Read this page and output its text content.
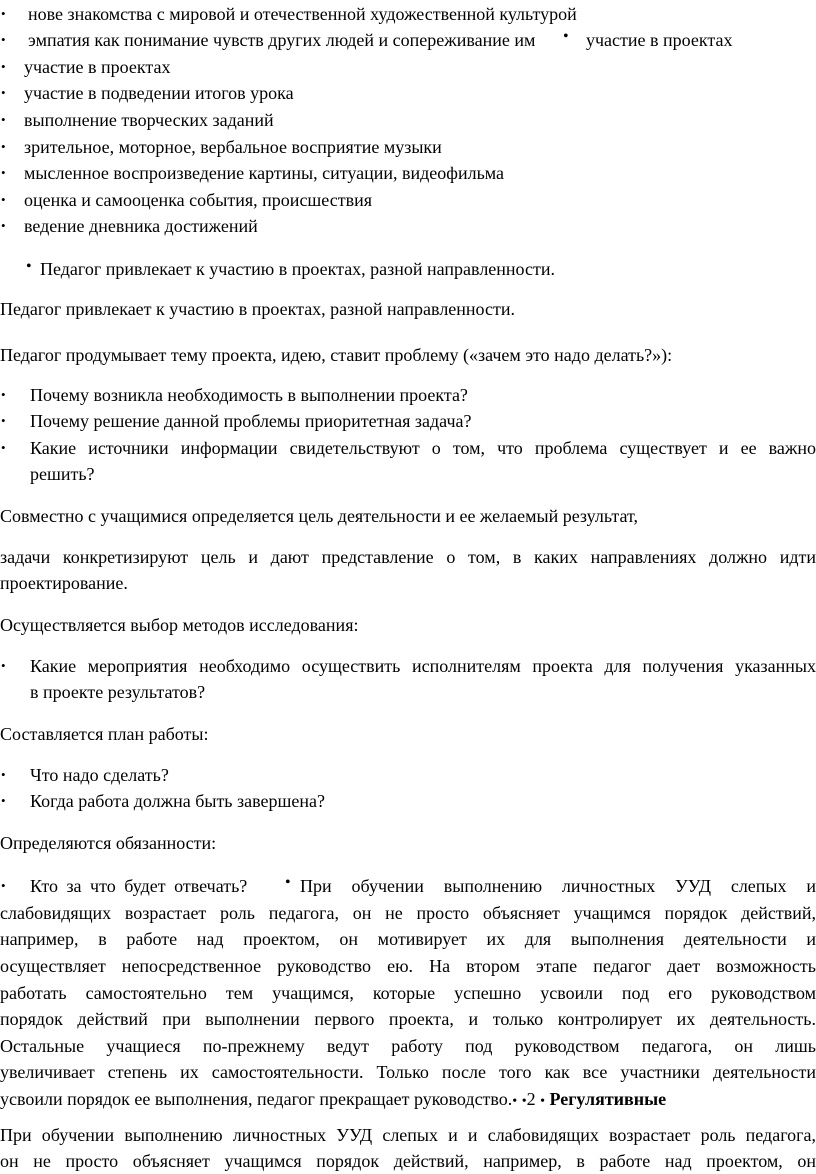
• нове знакомства с мировой и отечественной художественной культурой
• эмпатия как понимание чувств других людей и сопереживание им • участие в проектах
• участие в проектах
• участие в подведении итогов урока
• выполнение творческих заданий
• зрительное, моторное, вербальное восприятие музыки
• мысленное воспроизведение картины, ситуации, видеофильма
• оценка и самооценка события, происшествия
• ведение дневника достижений
• Педагог привлекает к участию в проектах, разной направленности.
Педагог привлекает к участию в проектах, разной направленности.
Педагог продумывает тему проекта, идею, ставит проблему («зачем это надо делать?»):
• Почему возникла необходимость в выполнении проекта?
• Почему решение данной проблемы приоритетная задача?
• Какие источники информации свидетельствуют о том, что проблема существует и ее важно
решить?
Совместно с учащимися определяется цель деятельности и ее желаемый результат,
задачи конкретизируют цель и дают представление о том, в каких направлениях должно идти
проектирование.
Осуществляется выбор методов исследования:
• Какие мероприятия необходимо осуществить исполнителям проекта для получения указанных
в проекте результатов?
Составляется план работы:
• Что надо сделать?
• Когда работа должна быть завершена?
Определяются обязанности:
• Кто за что будет отвечать? • При обучении выполнению личностных УУД слепых и
слабовидящих возрастает роль педагога, он не просто объясняет учащимся порядок действий,
например, в работе над проектом, он мотивирует их для выполнения деятельности и
осуществляет непосредственное руководство ею. На втором этапе педагог дает возможность
работать самостоятельно тем учащимся, которые успешно усвоили под его руководством
порядок действий при выполнении первого проекта, и только контролирует их деятельность.
Остальные учащиеся по-прежнему ведут работу под руководством педагога, он лишь
увеличивает степень их самостоятельности. Только после того как все участники деятельности
усвоили порядок ее выполнения, педагог прекращает руководство.• •2 • Регулятивные
При обучении выполнению личностных УУД слепых и и слабовидящих возрастает роль педагога,
он не просто объясняет учащимся порядок действий, например, в работе над проектом, он
